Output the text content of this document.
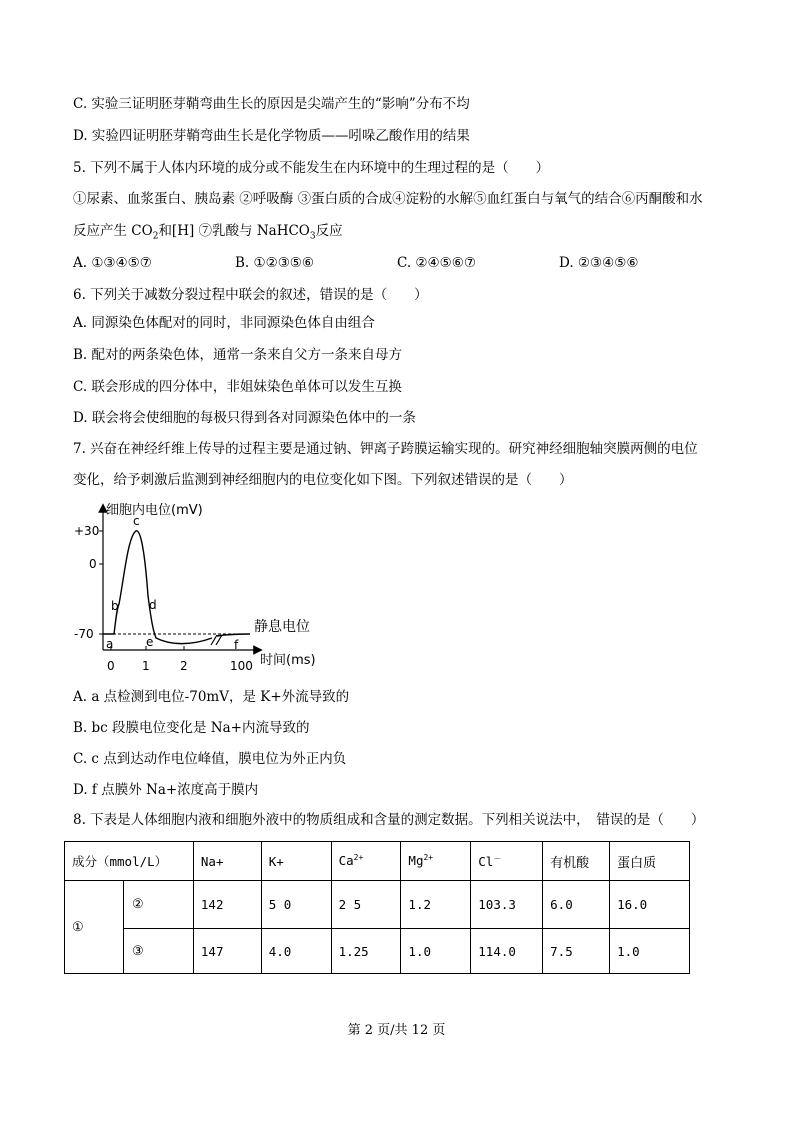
C. 实验三证明胚芽鞘弯曲生长的原因是尖端产生的“影响”分布不均
D. 实验四证明胚芽鞘弯曲生长是化学物质——吲哚乙酸作用的结果
5. 下列不属于人体内环境的成分或不能发生在内环境中的生理过程的是（　　）
①尿素、血浆蛋白、胰岛素 ②呼吸酶 ③蛋白质的合成④淀粉的水解⑤血红蛋白与氧气的结合⑥丙酮酸和水
反应产生 $CO_2$和[H] ⑦乳酸与 NaHCO$_3$反应
A. ①③④⑤⑦	B. ①②③⑤⑥	C. ②④⑤⑥⑦	D. ②③④⑤⑥
6. 下列关于减数分裂过程中联会的叙述，错误的是（　　）
A. 同源染色体配对的同时，非同源染色体自由组合
B. 配对的两条染色体，通常一条来自父方一条来自母方
C. 联会形成的四分体中，非姐妹染色单体可以发生互换
D. 联会将会使细胞的每极只得到各对同源染色体中的一条
7. 兴奋在神经纤维上传导的过程主要是通过钠、钾离子跨膜运输实现的。研究神经细胞轴突膜两侧的电位
变化，给予刺激后监测到神经细胞内的电位变化如下图。下列叙述错误的是（　　）
细胞内电位(mV)
+30
0
-70
a
b
c
d
e	f
静息电位
0 1	2	100 时间(ms)
A. a 点检测到电位-70mV，是 K+外流导致的
B. bc 段膜电位变化是 Na+内流导致的
C. c 点到达动作电位峰值，膜电位为外正内负
D. f 点膜外 Na+浓度高于膜内
8. 下表是人体细胞内液和细胞外液中的物质组成和含量的测定数据。下列相关说法中，　错误的是（　　）
成分（mmol/L）		Na+	K+	$Ca^{2+}$	$Mg^{2+}$	Cl－	有机酸	蛋白质
①	②	142	5 0	2 5	1.2	103.3	6.0	16.0
	③	147	4.0	1.25	1.0	114.0	7.5	1.0
第 2 页/共 12 页
